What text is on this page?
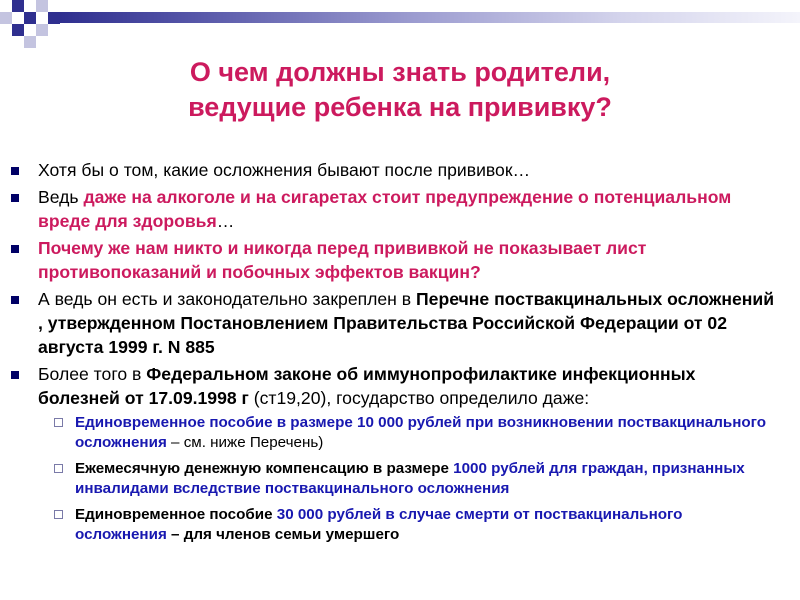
О чем должны знать родители,
ведущие ребенка на прививку?
Хотя бы о том, какие осложнения бывают после прививок…
Ведь даже на алкоголе и на сигаретах стоит предупреждение о потенциальном вреде для здоровья…
Почему же нам никто и никогда перед прививкой не показывает лист противопоказаний и побочных эффектов вакцин?
А ведь он есть и законодательно закреплен в Перечне поствакцинальных осложнений , утвержденном Постановлением Правительства Российской Федерации от 02 августа 1999 г. N 885
Более того в Федеральном законе об иммунопрофилактике инфекционных болезней от 17.09.1998 г (ст19,20), государство определило даже:
Единовременное пособие в размере 10 000 рублей при возникновении поствакцинального осложнения – см. ниже Перечень)
Ежемесячную денежную компенсацию в размере 1000 рублей для граждан, признанных инвалидами вследствие поствакцинального осложнения
Единовременное пособие 30 000 рублей в случае смерти от поствакцинального осложнения – для членов семьи умершего
